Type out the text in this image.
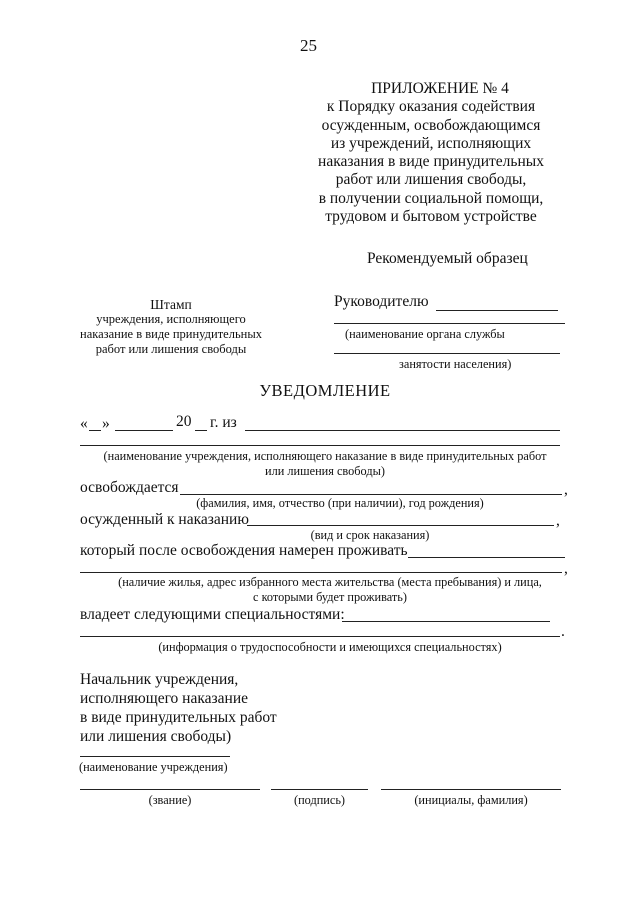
25
ПРИЛОЖЕНИЕ № 4
к Порядку оказания содействия
осужденным, освобождающимся
из учреждений, исполняющих
наказания в виде принудительных
работ или лишения свободы,
в получении социальной помощи,
трудовом и бытовом устройстве
Рекомендуемый образец
Штамп
учреждения, исполняющего
наказание в виде принудительных
работ или лишения свободы
Руководителю
(наименование органа службы
занятости населения)
УВЕДОМЛЕНИЕ
« »	20 г. из
(наименование учреждения, исполняющего наказание в виде принудительных работ
или лишения свободы)
освобождается	,
(фамилия, имя, отчество (при наличии), год рождения)
осужденный к наказанию	,
(вид и срок наказания)
который после освобождения намерен проживать
,
(наличие жилья, адрес избранного места жительства (места пребывания) и лица,
с которыми будет проживать)
владеет следующими специальностями:
.
(информация о трудоспособности и имеющихся специальностях)
Начальник учреждения,
исполняющего наказание
в виде принудительных работ
или лишения свободы)
(наименование учреждения)
(звание)	(подпись)	(инициалы, фамилия)
